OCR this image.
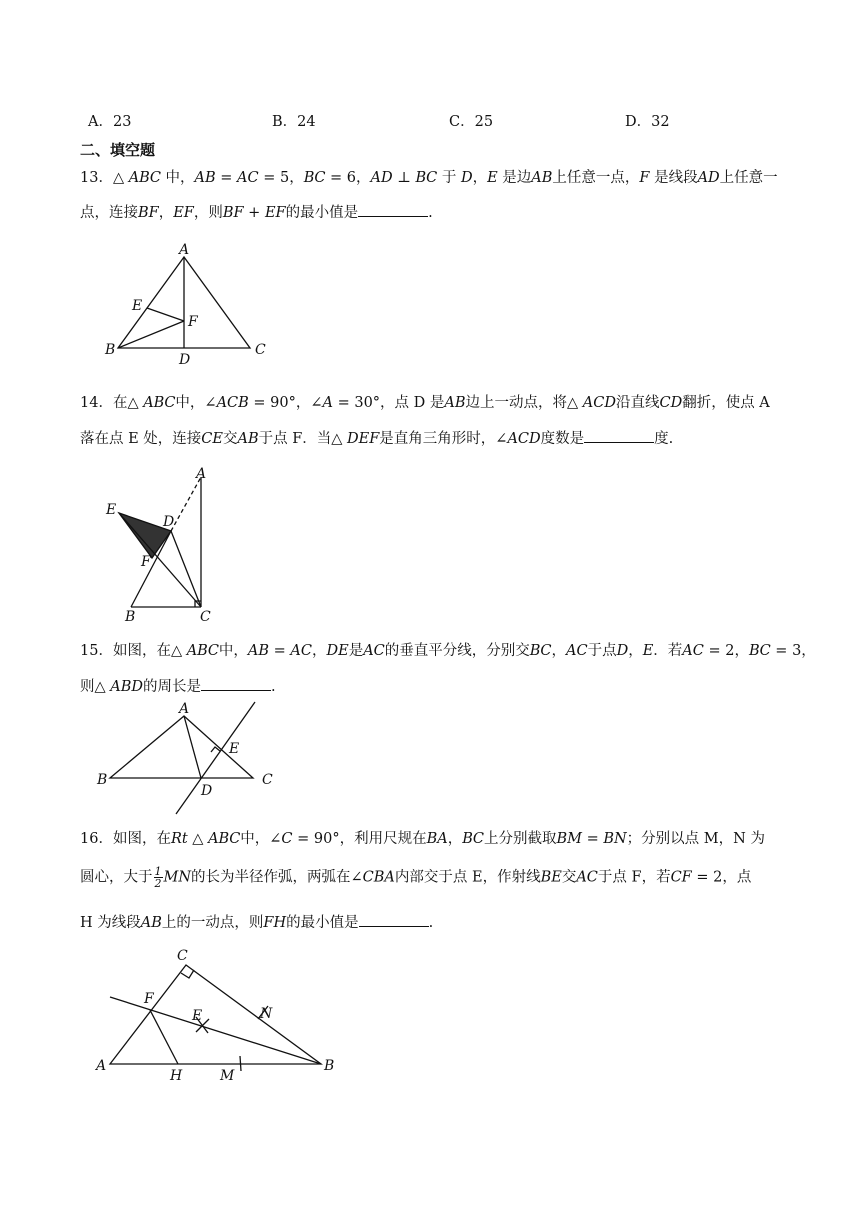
A．23	B．24	C．25	D．32
二、填空题
13．△ 𝐴𝐵𝐶 中，𝐴𝐵 = 𝐴𝐶 = 5，𝐵𝐶 = 6，𝐴𝐷 ⊥ 𝐵𝐶 于 𝐷，𝐸 是边𝐴𝐵上任意一点，𝐹 是线段𝐴𝐷上任意一
点，连接𝐵𝐹，𝐸𝐹，则𝐵𝐹 + 𝐸𝐹的最小值是	.
A
B	C
D
E
F
14．在△ 𝐴𝐵𝐶中，∠𝐴𝐶𝐵 = 90°，∠𝐴 = 30°，点 D 是𝐴𝐵边上一动点，将△ 𝐴𝐶𝐷沿直线𝐶𝐷翻折，使点 A
落在点 E 处，连接𝐶𝐸交𝐴𝐵于点 F．当△ 𝐷𝐸𝐹是直角三角形时，∠𝐴𝐶𝐷度数是	度.
A
B	C
D
E
F
15．如图，在△ 𝐴𝐵𝐶中，𝐴𝐵 = 𝐴𝐶，𝐷𝐸是𝐴𝐶的垂直平分线，分别交𝐵𝐶，𝐴𝐶于点𝐷，𝐸．若𝐴𝐶 = 2，𝐵𝐶 = 3，
则△ 𝐴𝐵𝐷的周长是	.
A
B	C
D
E
16．如图，在𝑅𝑡 △ 𝐴𝐵𝐶中，∠𝐶 = 90°，利用尺规在𝐵𝐴，𝐵𝐶上分别截取𝐵𝑀 = 𝐵𝑁；分别以点 M，N 为
圆心，大于 $\frac{1}{2}$ 𝑀𝑁的长为半径作弧，两弧在∠𝐶𝐵𝐴内部交于点 E，作射线𝐵𝐸交𝐴𝐶于点 F，若𝐶𝐹 = 2，点
H 为线段𝐴𝐵上的一动点，则𝐹𝐻的最小值是	.
A	B
C
E
F
H	M
N
